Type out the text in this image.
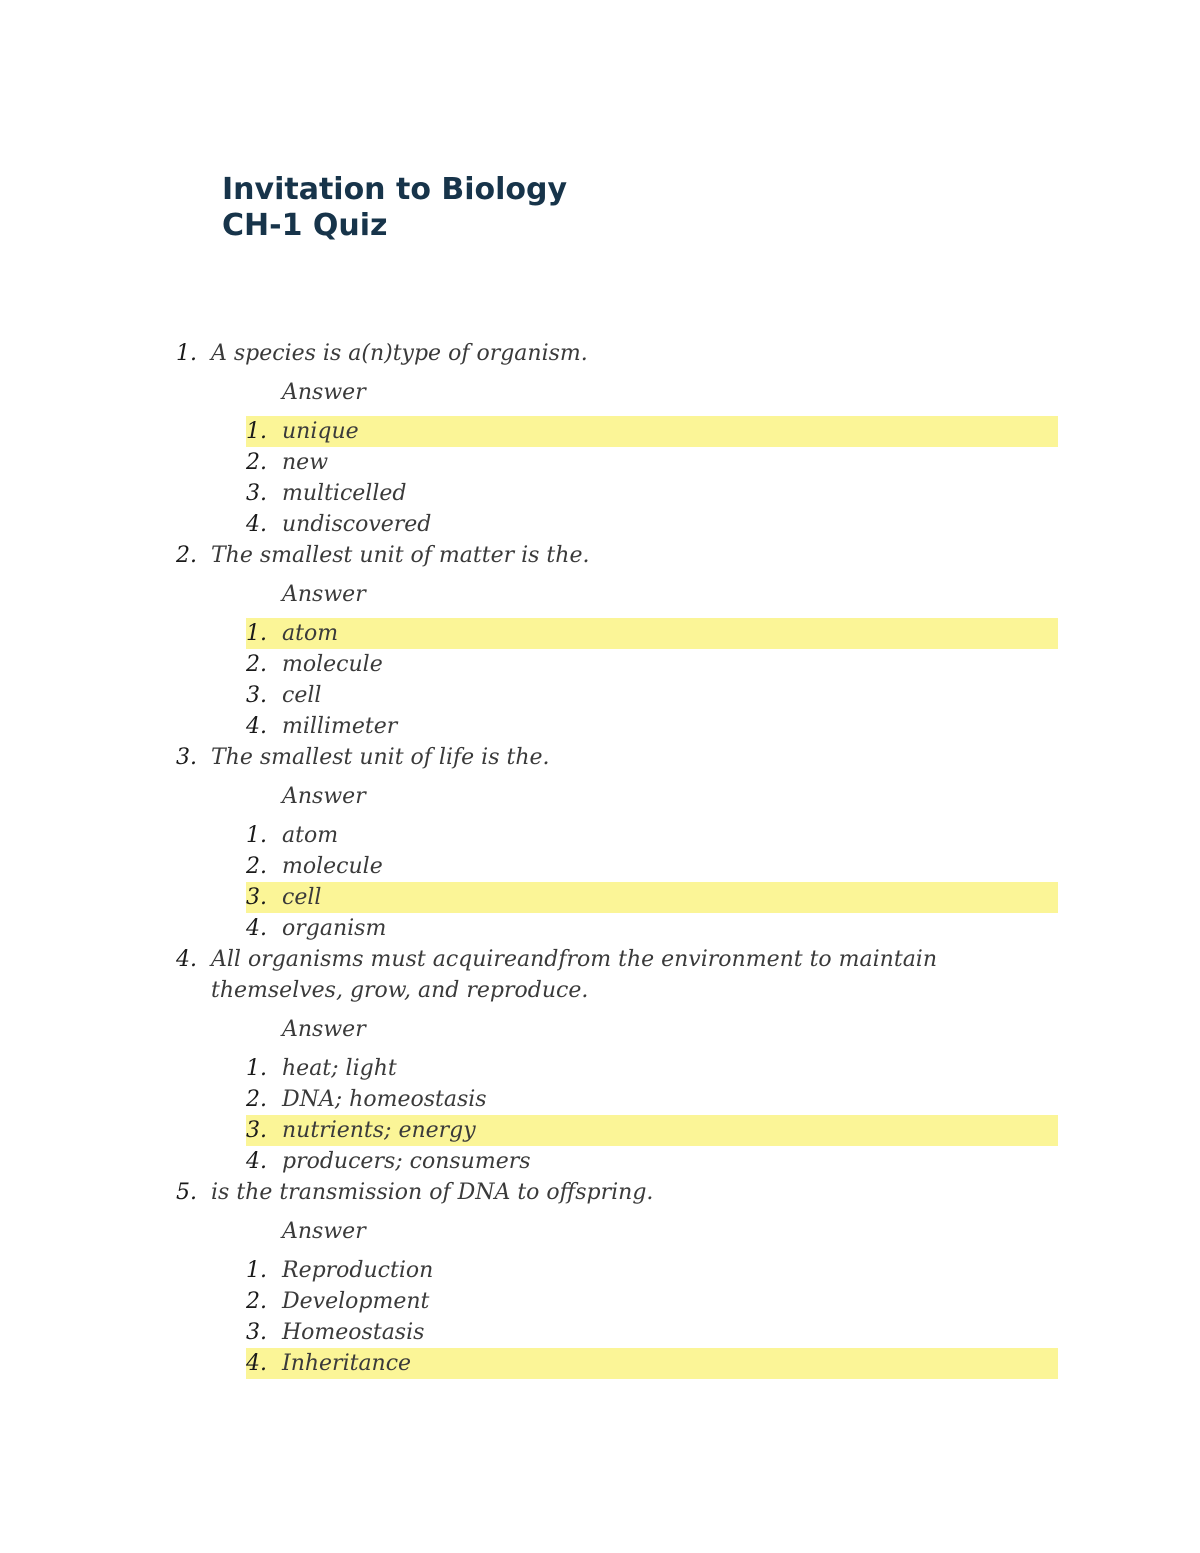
Invitation to Biology
CH-1 Quiz
1. A species is a(n)type of organism.
Answer
1. unique
2. new
3. multicelled
4. undiscovered
2. The smallest unit of matter is the.
Answer
1. atom
2. molecule
3. cell
4. millimeter
3. The smallest unit of life is the.
Answer
1. atom
2. molecule
3. cell
4. organism
4. All organisms must acquireandfrom the environment to maintain themselves, grow, and reproduce.
Answer
1. heat; light
2. DNA; homeostasis
3. nutrients; energy
4. producers; consumers
5. is the transmission of DNA to offspring.
Answer
1. Reproduction
2. Development
3. Homeostasis
4. Inheritance
